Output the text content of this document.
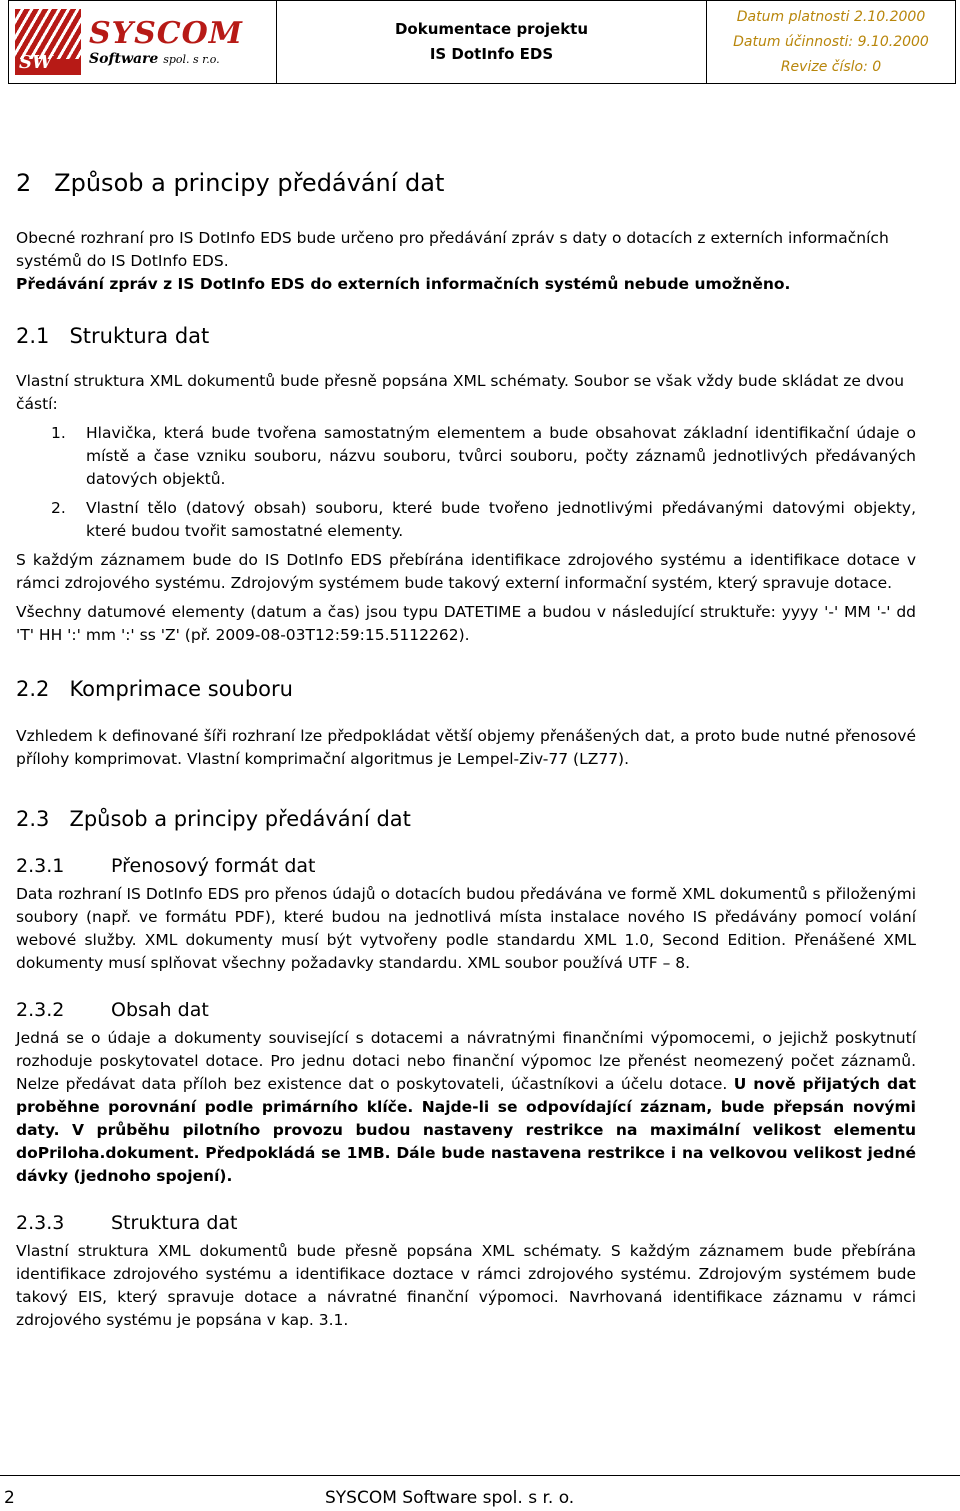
SW
SYSCOM
Software spol. s r.o.
Dokumentace projektu
IS DotInfo EDS
Datum platnosti 2.10.2000
Datum účinnosti: 9.10.2000
Revize číslo: 0
2 Způsob a principy předávání dat

Obecné rozhraní pro IS DotInfo EDS bude určeno pro předávání zpráv s daty o dotacích z externích informačních systémů do IS DotInfo EDS.

Předávání zpráv z IS DotInfo EDS do externích informačních systémů nebude umožněno.

2.1 Struktura dat

Vlastní struktura XML dokumentů bude přesně popsána XML schématy. Soubor se však vždy bude skládat ze dvou částí:

1.	Hlavička, která bude tvořena samostatným elementem a bude obsahovat základní identifikační údaje o místě a čase vzniku souboru, názvu souboru, tvůrci souboru, počty záznamů jednotlivých předávaných datových objektů.
2.	Vlastní tělo (datový obsah) souboru, které bude tvořeno jednotlivými předávanými datovými objekty, které budou tvořit samostatné elementy.

S každým záznamem bude do IS DotInfo EDS přebírána identifikace zdrojového systému a identifikace dotace v rámci zdrojového systému. Zdrojovým systémem bude takový externí informační systém, který spravuje dotace.

Všechny datumové elementy (datum a čas) jsou typu DATETIME a budou v následující struktuře: yyyy '-' MM '-' dd 'T' HH ':' mm ':' ss 'Z' (př. 2009-08-03T12:59:15.5112262).

2.2 Komprimace souboru

Vzhledem k definované šíři rozhraní lze předpokládat větší objemy přenášených dat, a proto bude nutné přenosové přílohy komprimovat. Vlastní komprimační algoritmus je Lempel-Ziv-77 (LZ77).

2.3 Způsob a principy předávání dat
2.3.1 Přenosový formát dat

Data rozhraní IS DotInfo EDS pro přenos údajů o dotacích budou předávána ve formě XML dokumentů s přiloženými soubory (např. ve formátu PDF), které budou na jednotlivá místa instalace nového IS předávány pomocí volání webové služby. XML dokumenty musí být vytvořeny podle standardu XML 1.0, Second Edition. Přenášené XML dokumenty musí splňovat všechny požadavky standardu. XML soubor používá UTF – 8.

2.3.2 Obsah dat

Jedná se o údaje a dokumenty související s dotacemi a návratnými finančními výpomocemi, o jejichž poskytnutí rozhoduje poskytovatel dotace. Pro jednu dotaci nebo finanční výpomoc lze přenést neomezený počet záznamů. Nelze předávat data příloh bez existence dat o poskytovateli, účastníkovi a účelu dotace. U nově přijatých dat proběhne porovnání podle primárního klíče. Najde-li se odpovídající záznam, bude přepsán novými daty. V průběhu pilotního provozu budou nastaveny restrikce na maximální velikost elementu doPriloha.dokument. Předpokládá se 1MB. Dále bude nastavena restrikce i na velkovou velikost jedné dávky (jednoho spojení).

2.3.3 Struktura dat

Vlastní struktura XML dokumentů bude přesně popsána XML schématy. S každým záznamem bude přebírána identifikace zdrojového systému a identifikace doztace v rámci zdrojového systému. Zdrojovým systémem bude takový EIS, který spravuje dotace a návratné finanční výpomoci. Navrhovaná identifikace záznamu v rámci zdrojového systému je popsána v kap. 3.1.

2	SYSCOM Software spol. s r. o.
